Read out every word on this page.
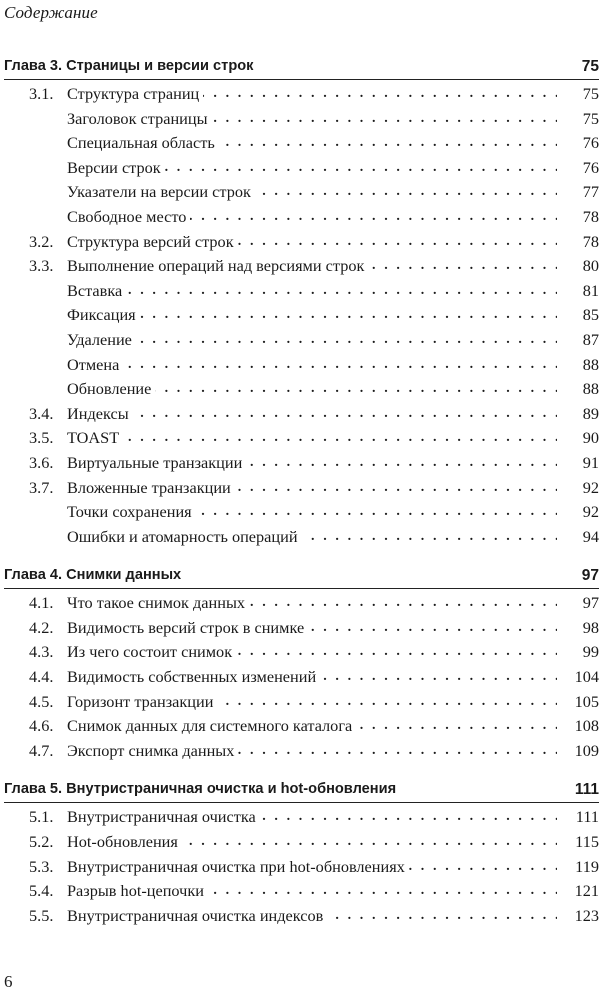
Содержание
Глава 3. Страницы и версии строк	75
3.1. Структура страниц . . .	75
Заголовок страницы . . .	75
Специальная область . . .	76
Версии строк . . .	76
Указатели на версии строк . . .	77
Свободное место . . .	78
3.2. Структура версий строк . . .	78
3.3. Выполнение операций над версиями строк . . .	80
Вставка . . .	81
Фиксация . . .	85
Удаление . . .	87
Отмена . . .	88
Обновление . . .	88
3.4. Индексы . . .	89
3.5. TOAST . . .	90
3.6. Виртуальные транзакции . . .	91
3.7. Вложенные транзакции . . .	92
Точки сохранения . . .	92
Ошибки и атомарность операций . . .	94
Глава 4. Снимки данных	97
4.1. Что такое снимок данных . . .	97
4.2. Видимость версий строк в снимке . . .	98
4.3. Из чего состоит снимок . . .	99
4.4. Видимость собственных изменений . . .	104
4.5. Горизонт транзакции . . .	105
4.6. Снимок данных для системного каталога . . .	108
4.7. Экспорт снимка данных . . .	109
Глава 5. Внутристраничная очистка и hot-обновления	111
5.1. Внутристраничная очистка . . .	111
5.2. Hot-обновления . . .	115
5.3. Внутристраничная очистка при hot-обновлениях . . .	119
5.4. Разрыв hot-цепочки . . .	121
5.5. Внутристраничная очистка индексов . . .	123
6
